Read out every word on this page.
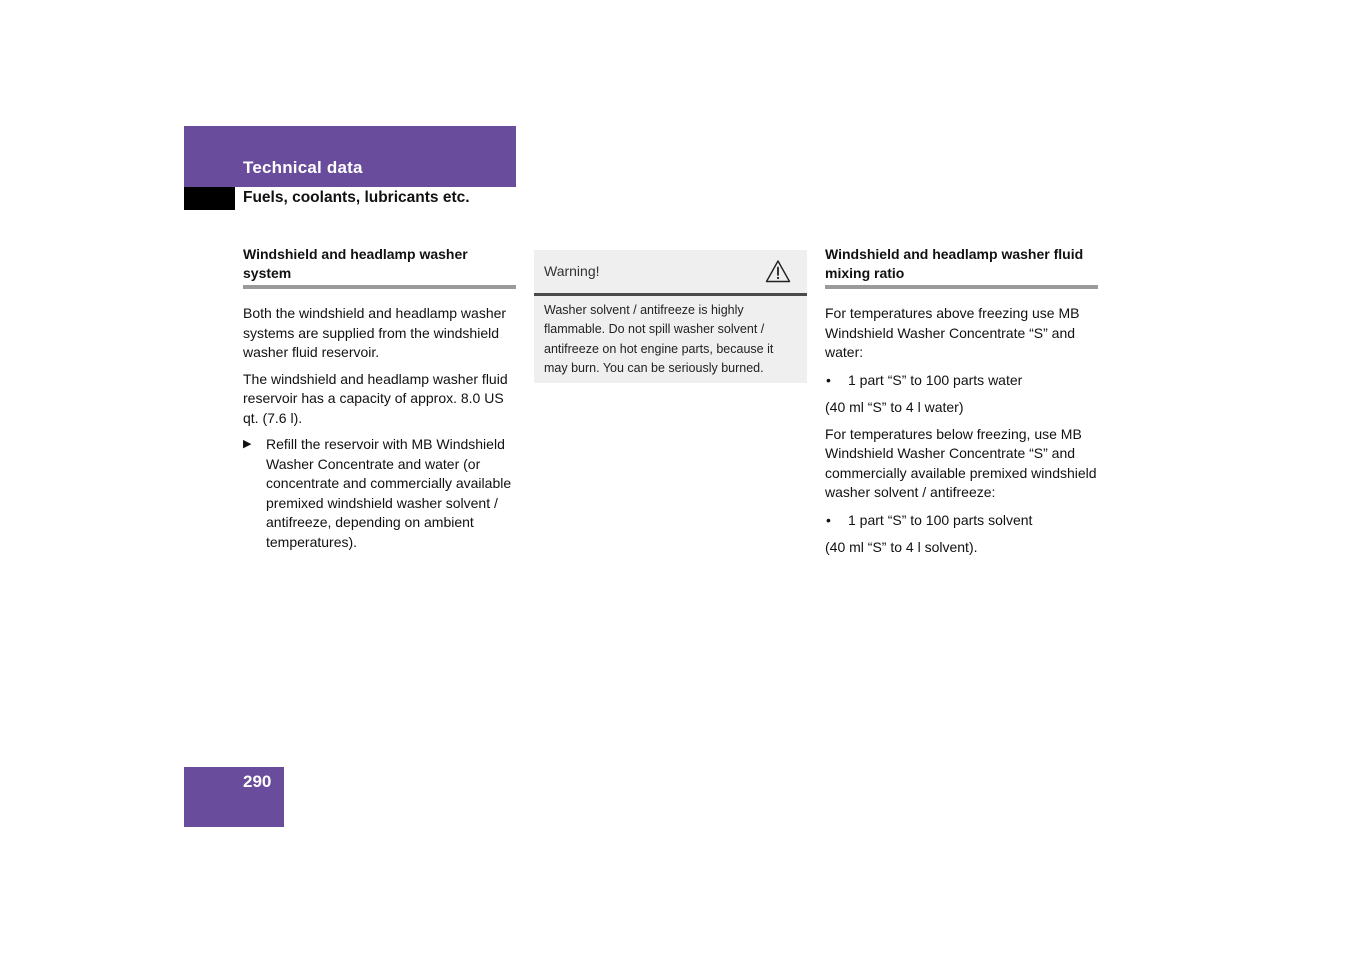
Technical data
Fuels, coolants, lubricants etc.
Windshield and headlamp washer system

Both the windshield and headlamp washer systems are supplied from the windshield washer fluid reservoir.

The windshield and headlamp washer fluid reservoir has a capacity of approx. 8.0 US qt. (7.6 l).

▶ Refill the reservoir with MB Windshield Washer Concentrate and water (or concentrate and commercially available premixed windshield washer solvent / antifreeze, depending on ambient temperatures).
Warning!
Washer solvent / antifreeze is highly flammable. Do not spill washer solvent / antifreeze on hot engine parts, because it may burn. You can be seriously burned.
Windshield and headlamp washer fluid mixing ratio

For temperatures above freezing use MB Windshield Washer Concentrate “S” and water:

• 1 part “S” to 100 parts water

(40 ml “S” to 4 l water)

For temperatures below freezing, use MB Windshield Washer Concentrate “S” and commercially available premixed windshield washer solvent / antifreeze:

• 1 part “S” to 100 parts solvent

(40 ml “S” to 4 l solvent).

290
